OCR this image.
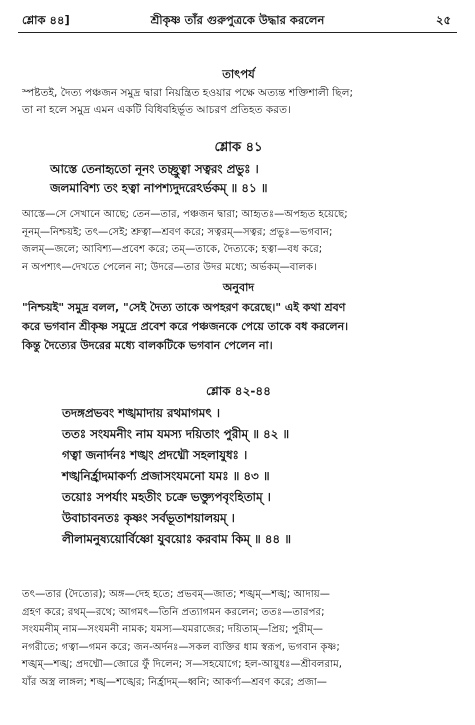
শ্লোক ৪৪]	শ্রীকৃষ্ণ তাঁর গুরুপুত্রকে উদ্ধার করলেন	২৫

তাৎপর্য

স্পষ্টতই, দৈত্য পঞ্চজন সমুদ্র দ্বারা নিয়ন্ত্রিত হওয়ার পক্ষে অত্যন্ত শক্তিশালী ছিল;

তা না হলে সমুদ্র এমন একটি বিধিবহির্ভূত আচরণ প্রতিহত করত।

শ্লোক ৪১

আস্তে তেনাহৃতো নূনং তচ্ছ্রুত্বা সত্বরং প্রভুঃ ।

জলমাবিশ্য তং হত্বা নাপশ্যদুদরেঽর্ভকম্ ॥ ৪১ ॥

আস্তে—সে সেখানে আছে; তেন—তার, পঞ্চজন দ্বারা; আহৃতঃ—অপহৃত হয়েছে;

নূনম্—নিশ্চয়ই; তৎ—সেই; শ্রুত্বা—শ্রবণ করে; সত্বরম্—সত্বর; প্রভুঃ—ভগবান;

জলম্—জলে; আবিশ্য—প্রবেশ করে; তম্—তাকে, দৈত্যকে; হত্বা—বধ করে;

ন অপশ্যৎ—দেখতে পেলেন না; উদরে—তার উদর মধ্যে; অর্ভকম্—বালক।

অনুবাদ

"নিশ্চয়ই" সমুদ্র বলল, "সেই দৈত্য তাকে অপহরণ করেছে।" এই কথা শ্রবণ

করে ভগবান শ্রীকৃষ্ণ সমুদ্রে প্রবেশ করে পঞ্চজনকে পেয়ে তাকে বধ করলেন।

কিন্তু দৈত্যের উদরের মধ্যে বালকটিকে ভগবান পেলেন না।

শ্লোক ৪২-৪৪

তদঙ্গপ্রভবং শঙ্খমাদায় রথমাগমৎ ।

ততঃ সংযমনীং নাম যমস্য দয়িতাং পুরীম্ ॥ ৪২ ॥

গত্বা জনার্দনঃ শঙ্খং প্রদধ্মৌ সহলাযুধঃ ।

শঙ্খনির্হ্রাদমাকর্ণ্য প্রজাসংযমনো যমঃ ॥ ৪৩ ॥

তয়োঃ সপর্যাং মহতীং চক্রে ভক্ত্যুপবৃংহিতাম্ ।

উবাচাবনতঃ কৃষ্ণং সর্বভূতাশয়ালয়ম্ ।

লীলামনুষ্যয়োর্বিষ্ণো যুবয়োঃ করবাম কিম্ ॥ ৪৪ ॥

তৎ—তার (দৈত্যের); অঙ্গ—দেহ হতে; প্রভবম্—জাত; শঙ্খম্—শঙ্খ; আদায়—

গ্রহণ করে; রথম্—রথে; আগমৎ—তিনি প্রত্যাগমন করলেন; ততঃ—তারপর;

সংযমনীম্ নাম—সংযমনী নামক; যমস্য—যমরাজের; দয়িতাম্—প্রিয়; পুরীম্—

নগরীতে; গত্বা—গমন করে; জন-অর্দনঃ—সকল ব্যক্তির ধাম স্বরূপ, ভগবান কৃষ্ণ;

শঙ্খম্—শঙ্খ; প্রদধ্মৌ—জোরে ফুঁ দিলেন; স—সহযোগে; হল-আয়ুধঃ—শ্রীবলরাম,

যাঁর অস্ত্র লাঙ্গল; শঙ্খ—শঙ্খের; নির্হ্রাদম্—ধ্বনি; আকর্ণ্য—শ্রবণ করে; প্রজা—
